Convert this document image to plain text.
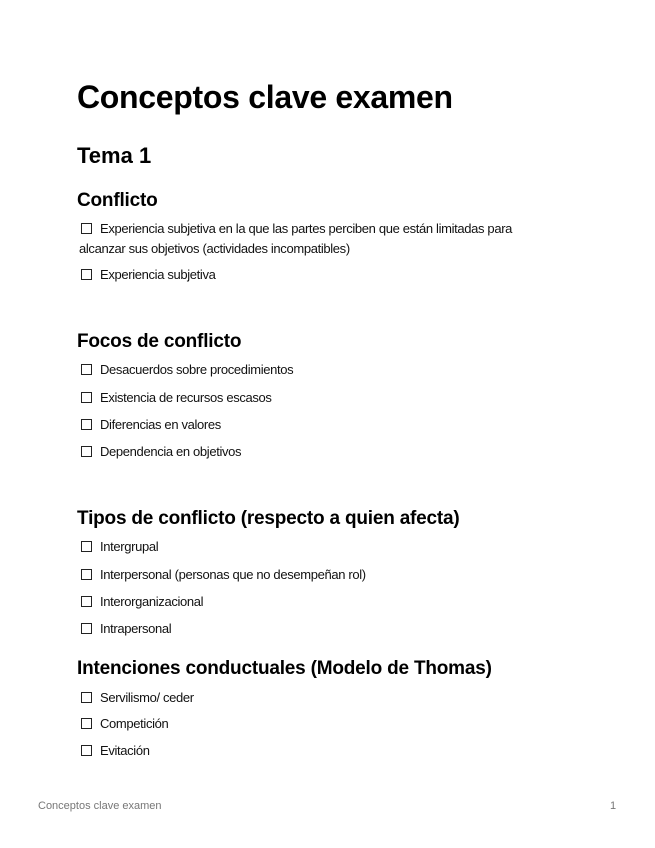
Conceptos clave examen
Tema 1
Conflicto
Experiencia subjetiva en la que las partes perciben que están limitadas para alcanzar sus objetivos (actividades incompatibles)
Experiencia subjetiva
Focos de conflicto
Desacuerdos sobre procedimientos
Existencia de recursos escasos
Diferencias en valores
Dependencia en objetivos
Tipos de conflicto (respecto a quien afecta)
Intergrupal
Interpersonal (personas que no desempeñan rol)
Interorganizacional
Intrapersonal
Intenciones conductuales (Modelo de Thomas)
Servilismo/ ceder
Competición
Evitación
Conceptos clave examen	1
